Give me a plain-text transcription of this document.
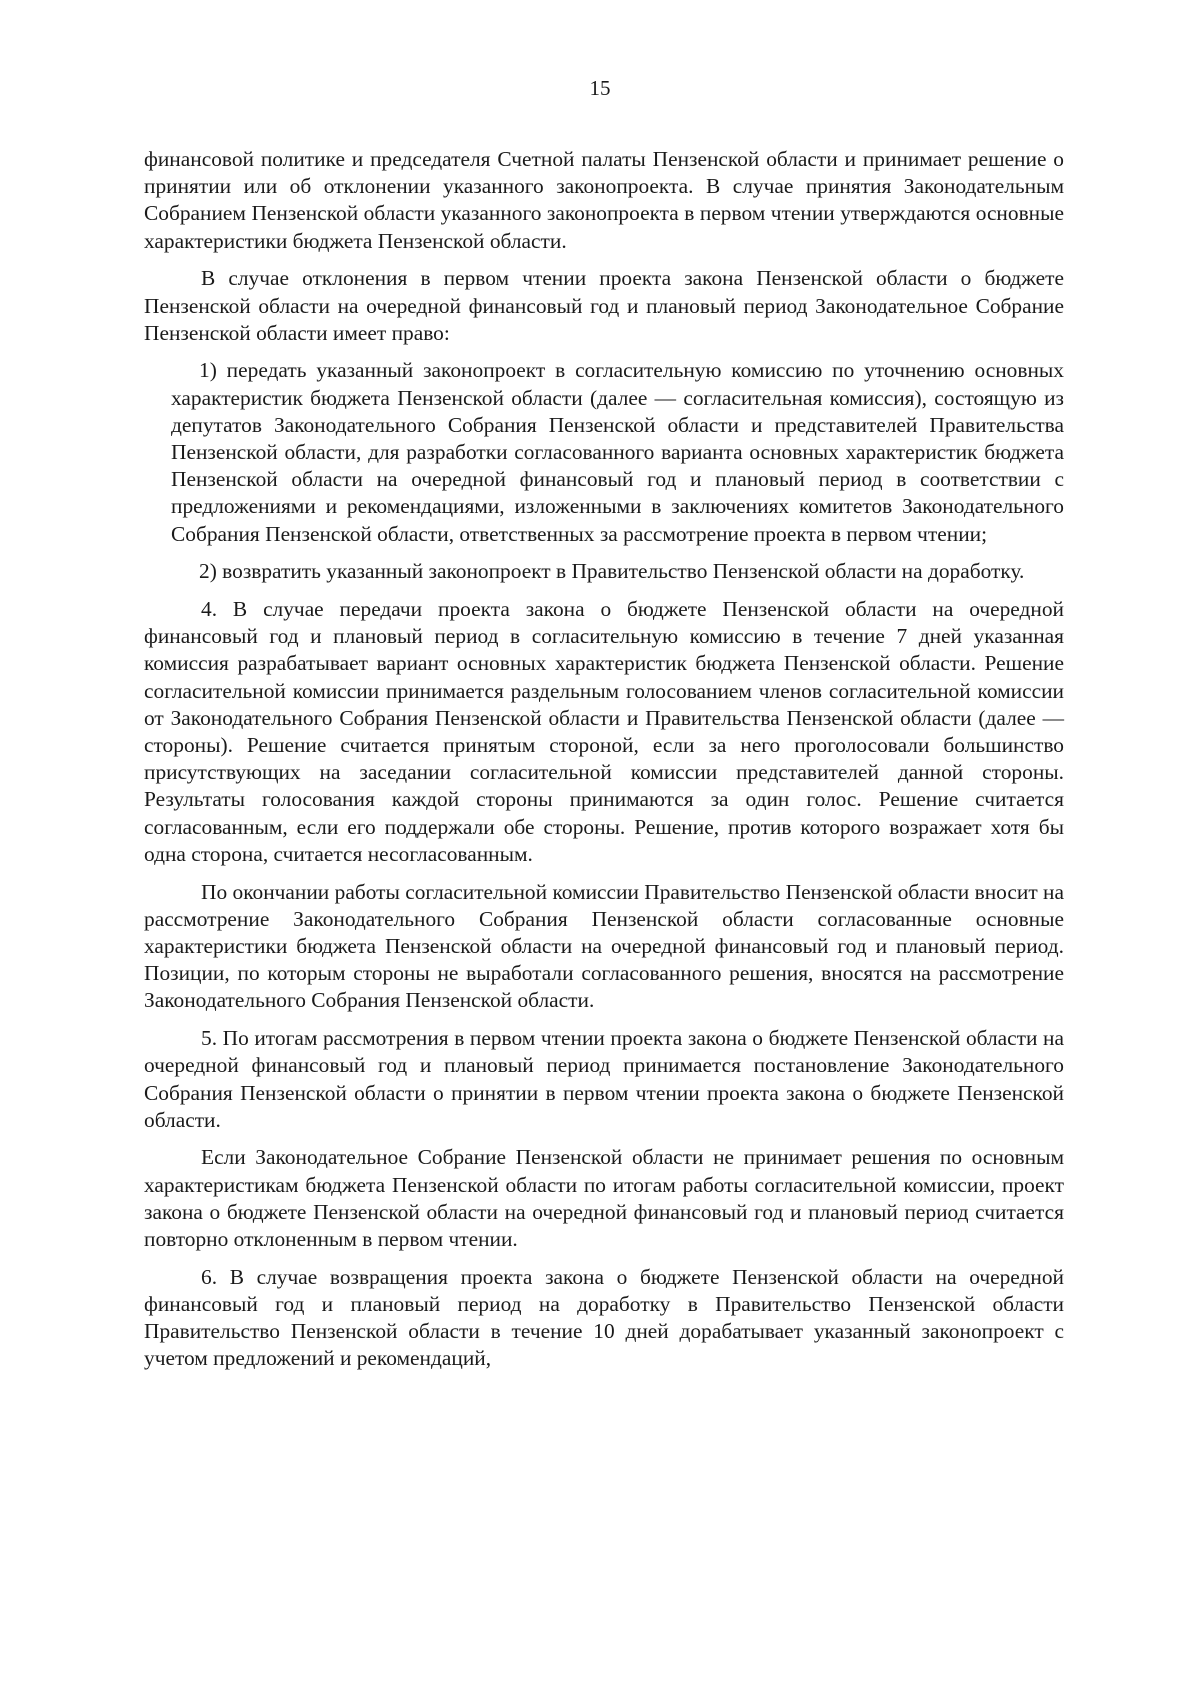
15

финансовой политике и председателя Счетной палаты Пензенской области и принимает решение о принятии или об отклонении указанного законопроекта. В случае принятия Законодательным Собранием Пензенской области указанного законопроекта в первом чтении утверждаются основные характеристики бюджета Пензенской области.

В случае отклонения в первом чтении проекта закона Пензенской области о бюджете Пензенской области на очередной финансовый год и плановый период Законодательное Собрание Пензенской области имеет право:

1) передать указанный законопроект в согласительную комиссию по уточнению основных характеристик бюджета Пензенской области (далее — согласительная комиссия), состоящую из депутатов Законодательного Собрания Пензенской области и представителей Правительства Пензенской области, для разработки согласованного варианта основных характеристик бюджета Пензенской области на очередной финансовый год и плановый период в соответствии с предложениями и рекомендациями, изложенными в заключениях комитетов Законодательного Собрания Пензенской области, ответственных за рассмотрение проекта в первом чтении;

2) возвратить указанный законопроект в Правительство Пензенской области на доработку.

4. В случае передачи проекта закона о бюджете Пензенской области на очередной финансовый год и плановый период в согласительную комиссию в течение 7 дней указанная комиссия разрабатывает вариант основных характеристик бюджета Пензенской области. Решение согласительной комиссии принимается раздельным голосованием членов согласительной комиссии от Законодательного Собрания Пензенской области и Правительства Пензенской области (далее — стороны). Решение считается принятым стороной, если за него проголосовали большинство присутствующих на заседании согласительной комиссии представителей данной стороны. Результаты голосования каждой стороны принимаются за один голос. Решение считается согласованным, если его поддержали обе стороны. Решение, против которого возражает хотя бы одна сторона, считается несогласованным.

По окончании работы согласительной комиссии Правительство Пензенской области вносит на рассмотрение Законодательного Собрания Пензенской области согласованные основные характеристики бюджета Пензенской области на очередной финансовый год и плановый период. Позиции, по которым стороны не выработали согласованного решения, вносятся на рассмотрение Законодательного Собрания Пензенской области.

5. По итогам рассмотрения в первом чтении проекта закона о бюджете Пензенской области на очередной финансовый год и плановый период принимается постановление Законодательного Собрания Пензенской области о принятии в первом чтении проекта закона о бюджете Пензенской области.

Если Законодательное Собрание Пензенской области не принимает решения по основным характеристикам бюджета Пензенской области по итогам работы согласительной комиссии, проект закона о бюджете Пензенской области на очередной финансовый год и плановый период считается повторно отклоненным в первом чтении.

6. В случае возвращения проекта закона о бюджете Пензенской области на очередной финансовый год и плановый период на доработку в Правительство Пензенской области Правительство Пензенской области в течение 10 дней дорабатывает указанный законопроект с учетом предложений и рекомендаций,
